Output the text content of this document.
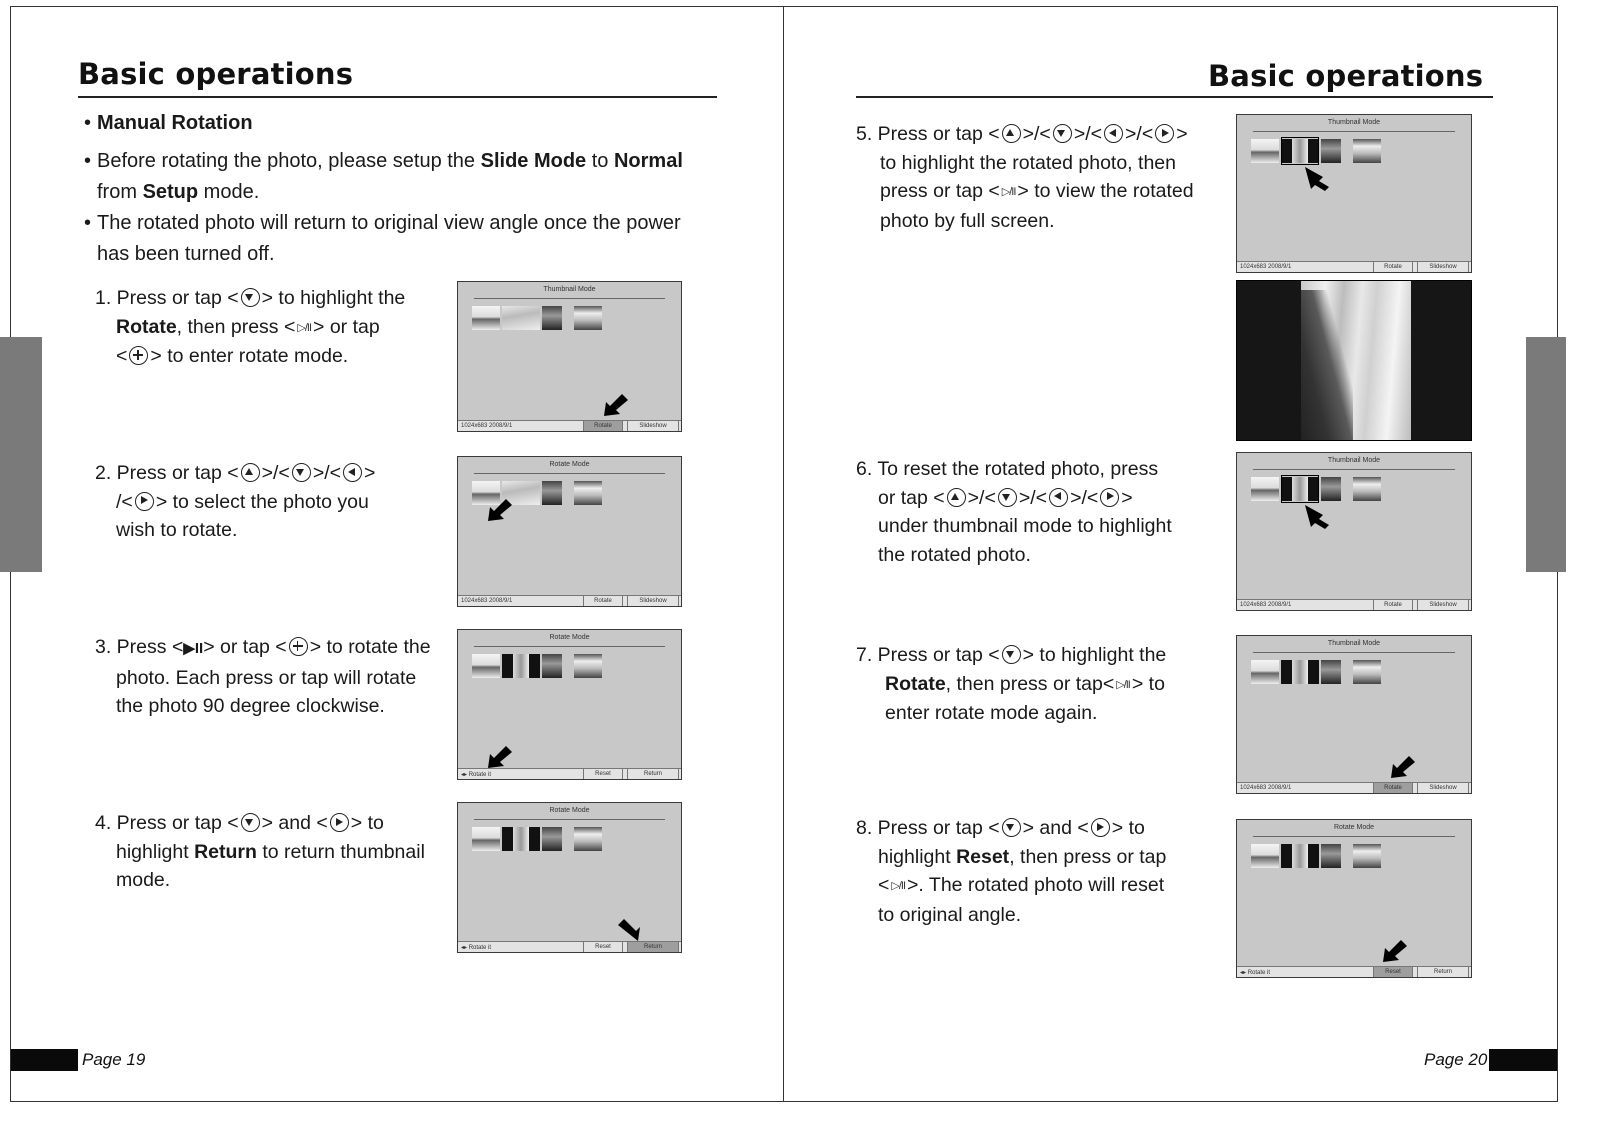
Basic operations
• Manual Rotation
• Before rotating the photo, please setup the Slide Mode to Normal
from Setup mode.
• The rotated photo will return to original view angle once the power
has been turned off.
1. Press or tap < > to highlight the
Rotate, then press < ▷/II > or tap
< > to enter rotate mode.
Thumbnail Mode
1024x683 2008/9/1	Rotate	Slideshow
2. Press or tap < >/< >/< >
/< > to select the photo you
wish to rotate.
Rotate Mode
1024x683 2008/9/1	Rotate	Slideshow
3. Press <▶II> or tap < > to rotate the
photo. Each press or tap will rotate
the photo 90 degree clockwise.
Rotate Mode
◂▸ Rotate it	Reset	Return
4. Press or tap < > and < > to
highlight Return to return thumbnail
mode.
Rotate Mode
◂▸ Rotate it	Reset	Return
Page 19
Basic operations
5. Press or tap < >/< >/< >/< >
to highlight the rotated photo, then
press or tap < ▷/II > to view the rotated
photo by full screen.
Thumbnail Mode
1024x683 2008/9/1	Rotate	Slideshow
6. To reset the rotated photo, press
or tap < >/< >/< >/< >
under thumbnail mode to highlight
the rotated photo.
Thumbnail Mode
1024x683 2008/9/1	Rotate	Slideshow
7. Press or tap < > to highlight the
Rotate, then press or tap< ▷/II > to
enter rotate mode again.
Thumbnail Mode
1024x683 2008/9/1	Rotate	Slideshow
8. Press or tap < > and < > to
highlight Reset, then press or tap
< ▷/II >. The rotated photo will reset
to original angle.
Rotate Mode
◂▸ Rotate it	Reset	Return
Page 20
